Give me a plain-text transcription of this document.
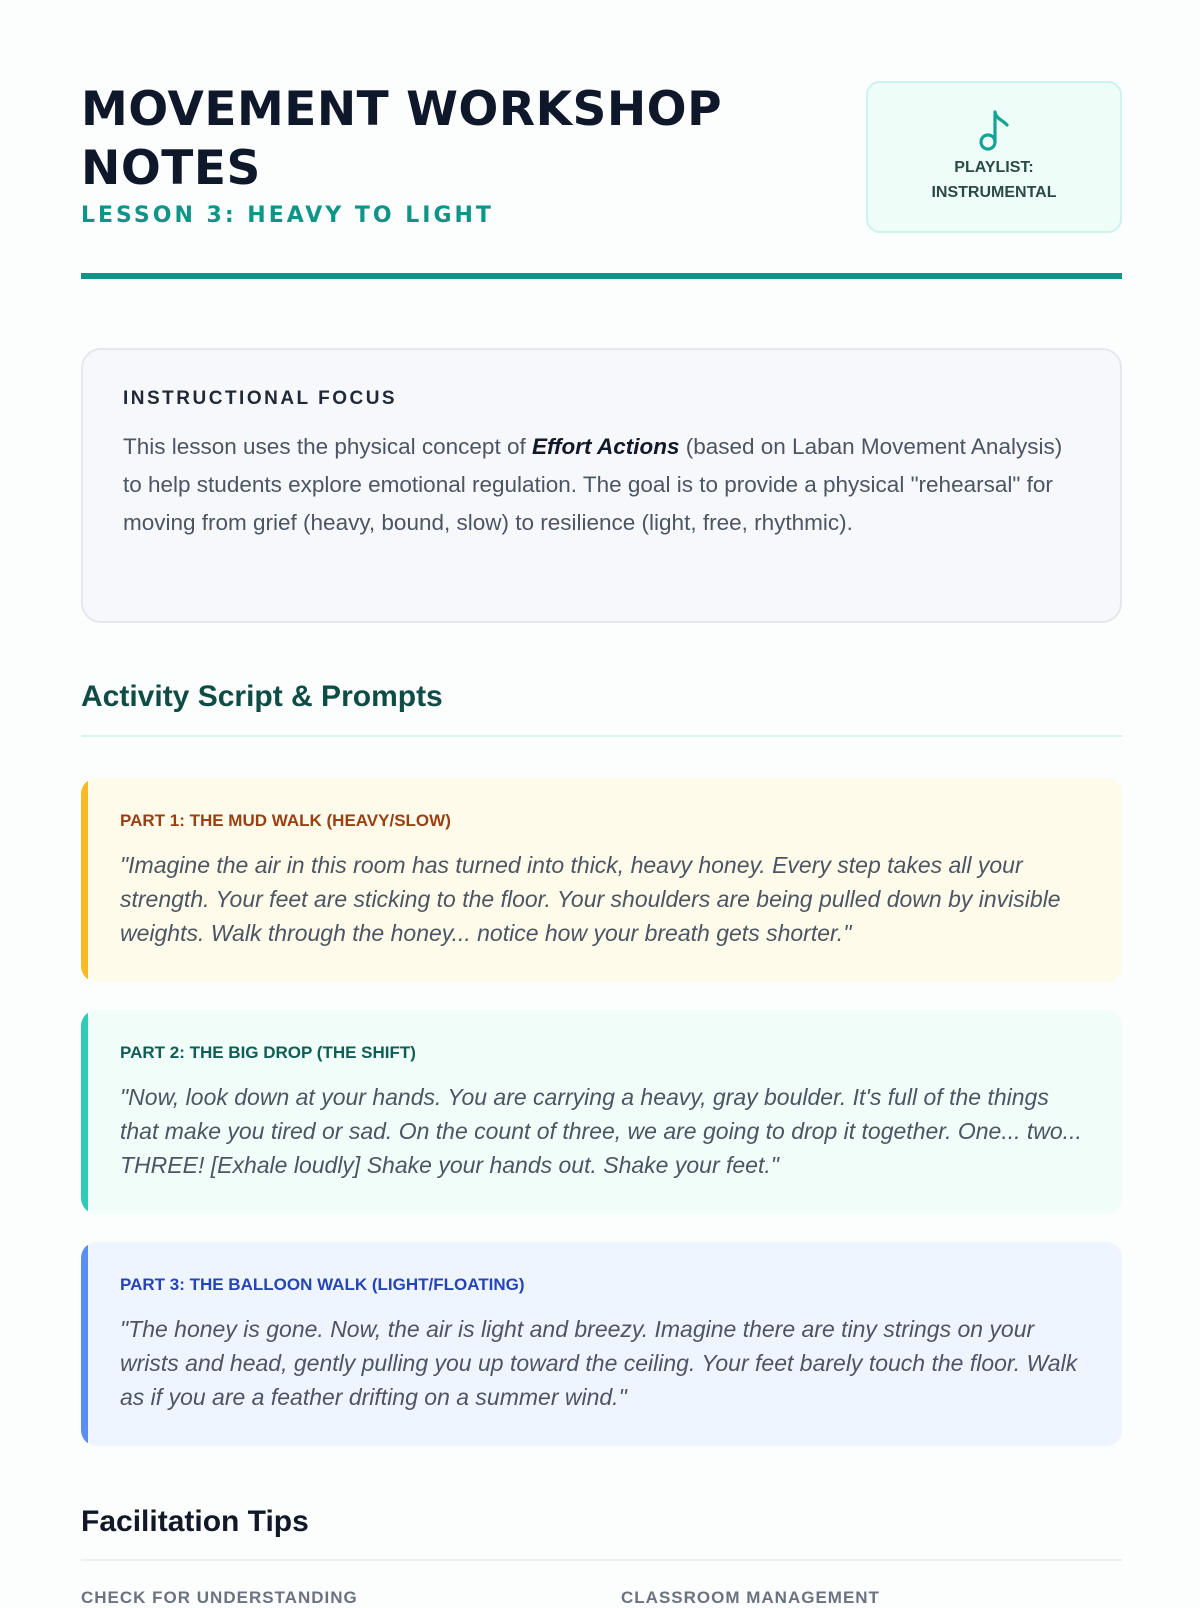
MOVEMENT WORKSHOP NOTES
LESSON 3: HEAVY TO LIGHT
PLAYLIST: INSTRUMENTAL
INSTRUCTIONAL FOCUS
This lesson uses the physical concept of Effort Actions (based on Laban Movement Analysis) to help students explore emotional regulation. The goal is to provide a physical "rehearsal" for moving from grief (heavy, bound, slow) to resilience (light, free, rhythmic).
Activity Script & Prompts
PART 1: THE MUD WALK (HEAVY/SLOW)
"Imagine the air in this room has turned into thick, heavy honey. Every step takes all your strength. Your feet are sticking to the floor. Your shoulders are being pulled down by invisible weights. Walk through the honey... notice how your breath gets shorter."
PART 2: THE BIG DROP (THE SHIFT)
"Now, look down at your hands. You are carrying a heavy, gray boulder. It's full of the things that make you tired or sad. On the count of three, we are going to drop it together. One... two... THREE! [Exhale loudly] Shake your hands out. Shake your feet."
PART 3: THE BALLOON WALK (LIGHT/FLOATING)
"The honey is gone. Now, the air is light and breezy. Imagine there are tiny strings on your wrists and head, gently pulling you up toward the ceiling. Your feet barely touch the floor. Walk as if you are a feather drifting on a summer wind."
Facilitation Tips
CHECK FOR UNDERSTANDING	CLASSROOM MANAGEMENT
